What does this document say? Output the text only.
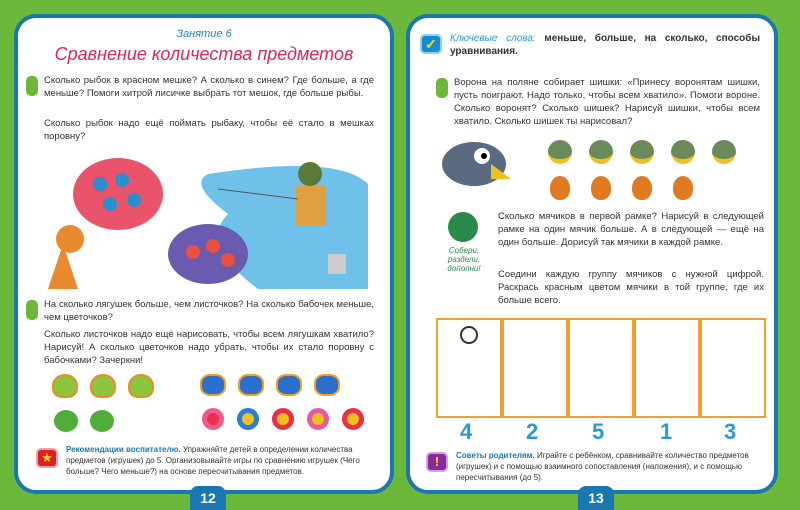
Занятие 6
Сравнение количества предметов
Сколько рыбок в красном мешке? А сколько в синем? Где больше, а где меньше? Помоги хитрой лисичке выбрать тот мешок, где больше рыбы.
Сколько рыбок надо ещё поймать рыбаку, чтобы её стало в мешках поровну?
На сколько лягушек больше, чем листочков? На сколько бабочек меньше, чем цветочков?
Сколько листочков надо ещё нарисовать, чтобы всем лягушкам хватило? Нарисуй! А сколько цветочков надо убрать, чтобы их стало поровну с бабочками? Зачеркни!
★
Рекомендации воспитателю. Упражняйте детей в определении количества предметов (игрушек) до 5. Организовывайте игры по сравнению игрушек (Чего больше? Чего меньше?) на основе пересчитывания предметов.
12
✓	Ключевые слова: меньше, больше, на сколько, способы уравнивания.
Ворона на поляне собирает шишки: «Принесу воронятам шишки, пусть поиграют. Надо только, чтобы всем хватило». Помоги вороне. Сколько воронят? Сколько шишек? Нарисуй шишки, чтобы всем хватило. Сколько шишек ты нарисовал?
Собери, раздели, дополни!
Сколько мячиков в первой рамке? Нарисуй в следующей рамке на один мячик больше. А в следующей — ещё на один больше. Дорисуй так мячики в каждой рамке.
Соедини каждую группу мячиков с нужной цифрой. Раскрась красным цветом мячики в той группе, где их больше всего.
4 2 5	1 3
!	Советы родителям. Играйте с ребёнком, сравнивайте количество предметов (игрушек) и с помощью взаимного сопоставления (наложения), и с помощью пересчитывания (до 5).
13
